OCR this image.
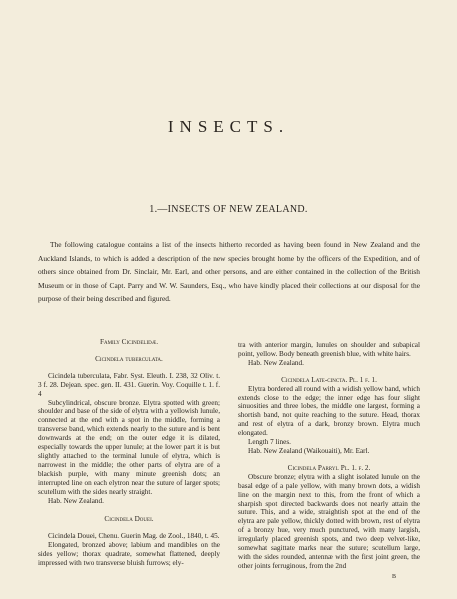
INSECTS.
1.—INSECTS OF NEW ZEALAND.

The following catalogue contains a list of the insects hitherto recorded as having been found in New Zealand and the Auckland Islands, to which is added a description of the new species brought home by the officers of the Expedition, and of others since obtained from Dr. Sinclair, Mr. Earl, and other persons, and are either contained in the collection of the British Museum or in those of Capt. Parry and W. W. Saunders, Esq., who have kindly placed their collections at our disposal for the purpose of their being described and figured.

Family Cicindelidæ.

Cicindela tuberculata.

Cicindela tuberculata, Fabr. Syst. Eleuth. I. 238, 32 Oliv. t. 3 f. 28. Dejean. spec. gen. II. 431. Guerin. Voy. Coquille t. 1. f. 4

Subcylindrical, obscure bronze. Elytra spotted with green; shoulder and base of the side of elytra with a yellowish lunule, connected at the end with a spot in the middle, forming a transverse band, which extends nearly to the suture and is bent downwards at the end; on the outer edge it is dilated, especially towards the upper lunule; at the lower part it is but slightly attached to the terminal lunule of elytra, which is narrowest in the middle; the other parts of elytra are of a blackish purple, with many minute greenish dots; an interrupted line on each elytron near the suture of larger spots; scutellum with the sides nearly straight.

Hab. New Zealand.

Cicindela Douei.

Cicindela Douei, Chenu. Guerin Mag. de Zool., 1840, t. 45.

Elongated, bronzed above; labium and mandibles on the sides yellow; thorax quadrate, somewhat flattened, deeply impressed with two transverse bluish furrows; ely-

tra with anterior margin, lunules on shoulder and subapical point, yellow. Body beneath greenish blue, with white hairs.

Hab. New Zealand.

Cicindela Late-cincta. Pl. 1 f. 1.

Elytra bordered all round with a widish yellow band, which extends close to the edge; the inner edge has four slight sinuosities and three lobes, the middle one largest, forming a shortish band, not quite reaching to the suture. Head, thorax and rest of elytra of a dark, bronzy brown. Elytra much elongated.

Length 7 lines.

Hab. New Zealand (Waikouaiti), Mr. Earl.

Cicindela Parryi. Pl. 1. f. 2.

Obscure bronze; elytra with a slight isolated lunule on the basal edge of a pale yellow, with many brown dots, a widish line on the margin next to this, from the front of which a sharpish spot directed backwards does not nearly attain the suture. This, and a wide, straightish spot at the end of the elytra are pale yellow, thickly dotted with brown, rest of elytra of a bronzy hue, very much punctured, with many largish, irregularly placed greenish spots, and two deep velvet-like, somewhat sagittate marks near the suture; scutellum large, with the sides rounded, antennæ with the first joint green, the other joints ferruginous, from the 2nd

B
